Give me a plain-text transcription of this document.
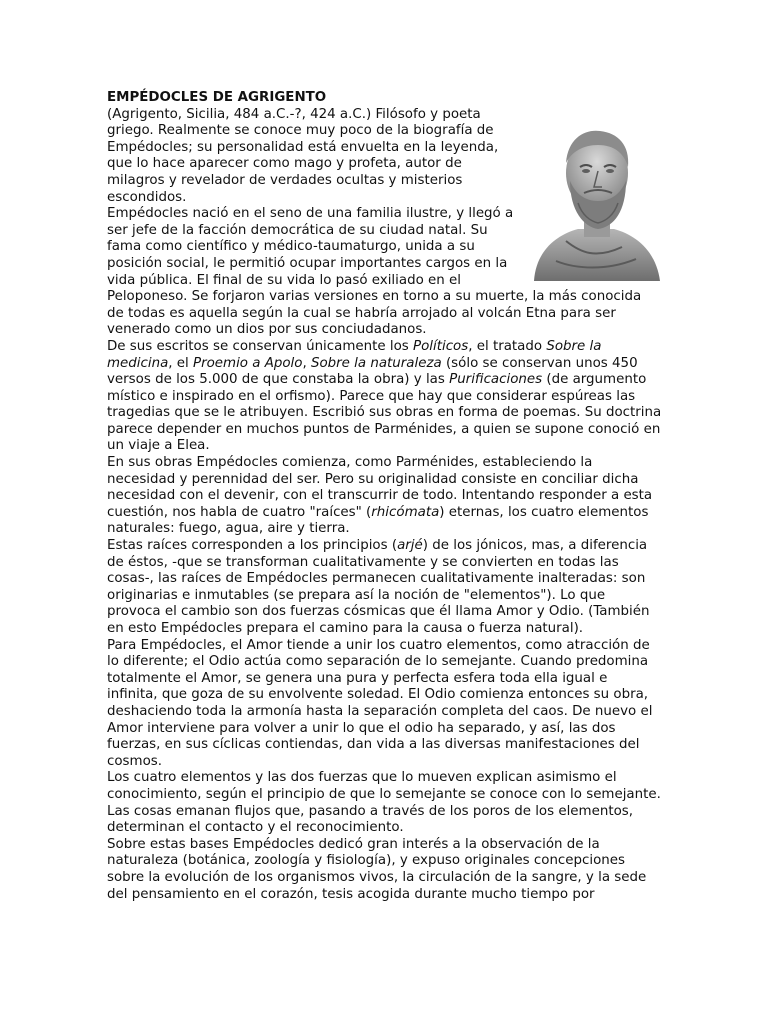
EMPÉDOCLES DE AGRIGENTO

(Agrigento, Sicilia, 484 a.C.-?, 424 a.C.) Filósofo y poeta griego. Realmente se conoce muy poco de la biografía de Empédocles; su personalidad está envuelta en la leyenda, que lo hace aparecer como mago y profeta, autor de milagros y revelador de verdades ocultas y misterios escondidos.

Empédocles nació en el seno de una familia ilustre, y llegó a ser jefe de la facción democrática de su ciudad natal. Su fama como científico y médico-taumaturgo, unida a su posición social, le permitió ocupar importantes cargos en la vida pública. El final de su vida lo pasó exiliado en el Peloponeso. Se forjaron varias versiones en torno a su muerte, la más conocida de todas es aquella según la cual se habría arrojado al volcán Etna para ser venerado como un dios por sus conciudadanos.

De sus escritos se conservan únicamente los Políticos, el tratado Sobre la medicina, el Proemio a Apolo, Sobre la naturaleza (sólo se conservan unos 450 versos de los 5.000 de que constaba la obra) y las Purificaciones (de argumento místico e inspirado en el orfismo). Parece que hay que considerar espúreas las tragedias que se le atribuyen. Escribió sus obras en forma de poemas. Su doctrina parece depender en muchos puntos de Parménides, a quien se supone conoció en un viaje a Elea.

En sus obras Empédocles comienza, como Parménides, estableciendo la necesidad y perennidad del ser. Pero su originalidad consiste en conciliar dicha necesidad con el devenir, con el transcurrir de todo. Intentando responder a esta cuestión, nos habla de cuatro "raíces" (rhicómata) eternas, los cuatro elementos naturales: fuego, agua, aire y tierra.

Estas raíces corresponden a los principios (arjé) de los jónicos, mas, a diferencia de éstos, -que se transforman cualitativamente y se convierten en todas las cosas-, las raíces de Empédocles permanecen cualitativamente inalteradas: son originarias e inmutables (se prepara así la noción de "elementos"). Lo que provoca el cambio son dos fuerzas cósmicas que él llama Amor y Odio. (También en esto Empédocles prepara el camino para la causa o fuerza natural).

Para Empédocles, el Amor tiende a unir los cuatro elementos, como atracción de lo diferente; el Odio actúa como separación de lo semejante. Cuando predomina totalmente el Amor, se genera una pura y perfecta esfera toda ella igual e infinita, que goza de su envolvente soledad. El Odio comienza entonces su obra, deshaciendo toda la armonía hasta la separación completa del caos. De nuevo el Amor interviene para volver a unir lo que el odio ha separado, y así, las dos fuerzas, en sus cíclicas contiendas, dan vida a las diversas manifestaciones del cosmos.

Los cuatro elementos y las dos fuerzas que lo mueven explican asimismo el conocimiento, según el principio de que lo semejante se conoce con lo semejante. Las cosas emanan flujos que, pasando a través de los poros de los elementos, determinan el contacto y el reconocimiento.

Sobre estas bases Empédocles dedicó gran interés a la observación de la naturaleza (botánica, zoología y fisiología), y expuso originales concepciones sobre la evolución de los organismos vivos, la circulación de la sangre, y la sede del pensamiento en el corazón, tesis acogida durante mucho tiempo por
